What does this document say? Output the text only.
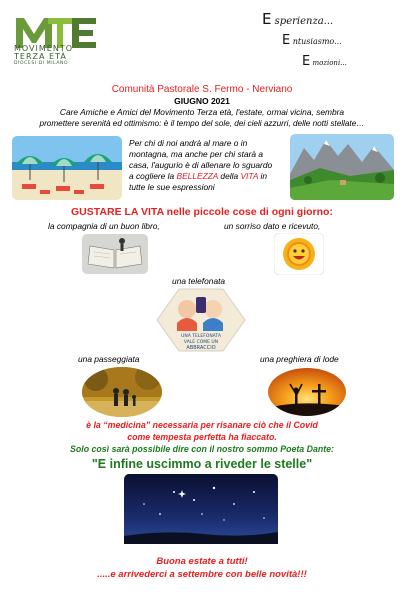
MOVIMENTO
TERZA ETÀ
DIOCESI DI MILANO
E sperienza...
E ntusiasmo...
E mozioni...
Comunità Pastorale S. Fermo - Nerviano
GIUGNO 2021
Care Amiche e Amici del Movimento Terza età, l'estate, ormai vicina, sembra
promettere serenità ed ottimismo: è il tempo del sole, dei cieli azzurri, delle notti stellate…
Per chi di noi andrà al mare o in
montagna, ma anche per chi starà a
casa, l'augurio è di allenare lo sguardo
a cogliere la BELLEZZA della VITA in
tutte le sue espressioni
GUSTARE LA VITA nelle piccole cose di ogni giorno:
la compagnia di un buon libro,	un sorriso dato e ricevuto,
una telefonata
UNA TELEFONATA
VALE COME UN
ABBRACCIO
una passeggiata	una preghiera di lode
è la “medicina” necessaria per risanare ciò che il Covid
come tempesta perfetta ha fiaccato.
Solo così sarà possibile dire con il nostro sommo Poeta Dante:
"E infine uscimmo a riveder le stelle"
Buona estate a tutti!
.....e arrivederci a settembre con belle novità!!!
